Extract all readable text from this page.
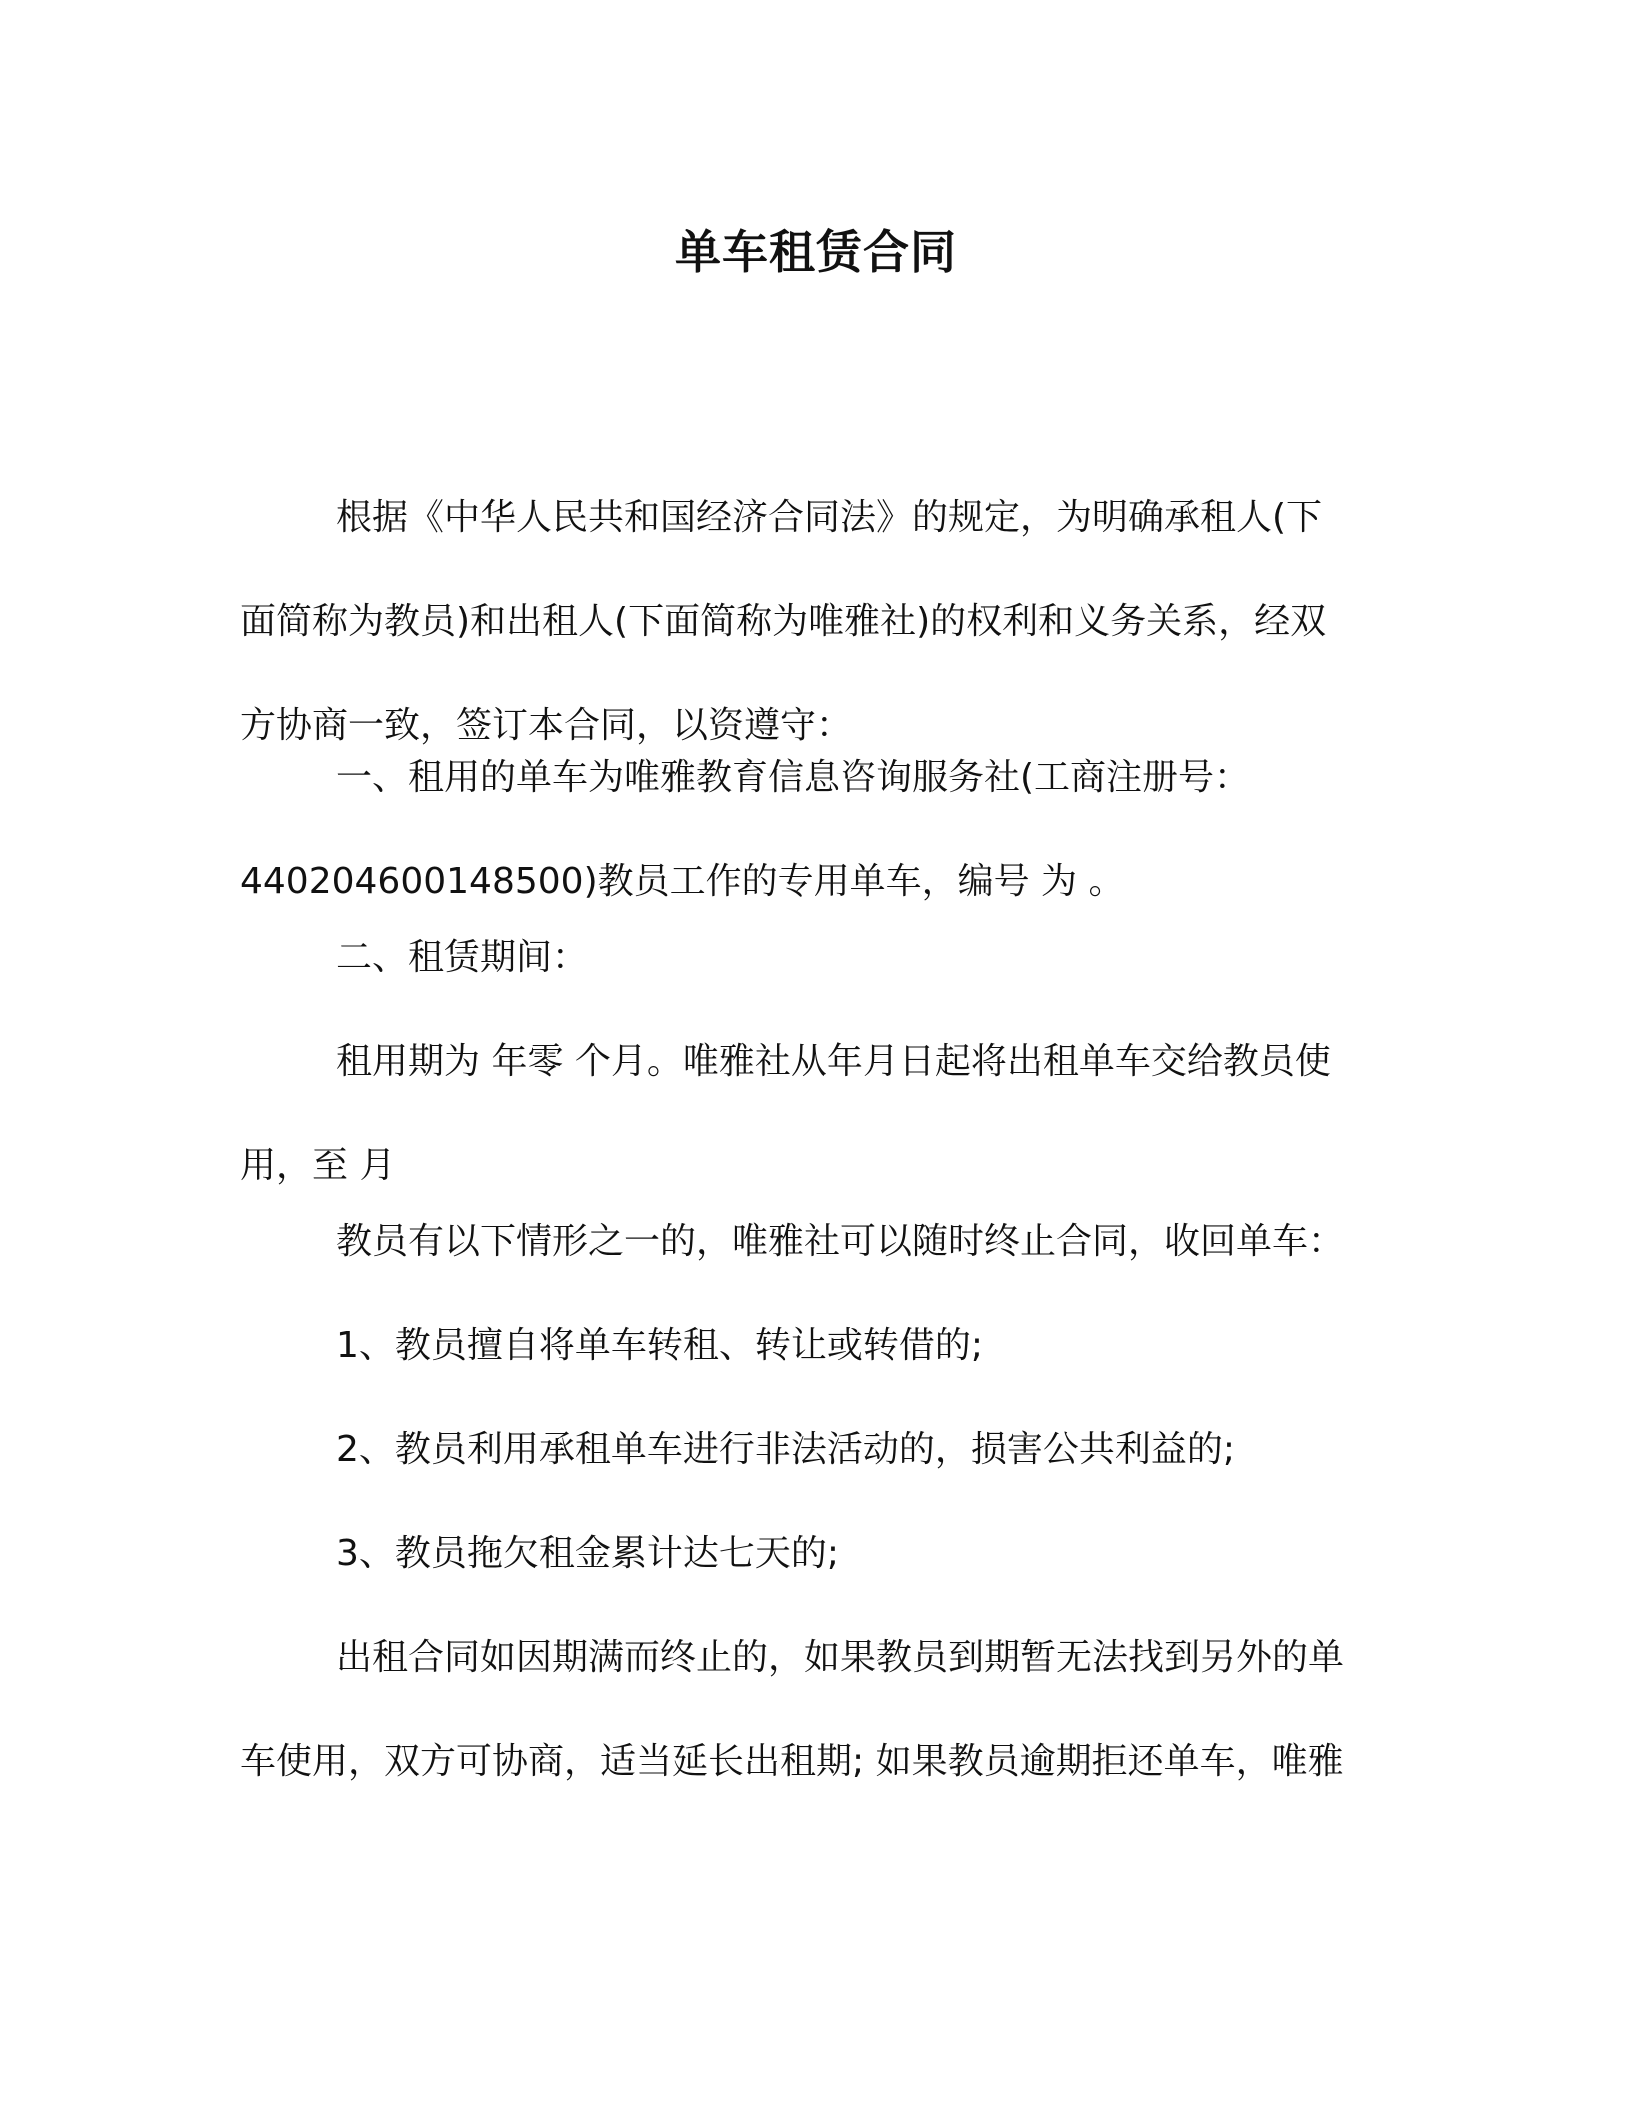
单车租赁合同
根据《中华人民共和国经济合同法》的规定，为明确承租人(下
面简称为教员)和出租人(下面简称为唯雅社)的权利和义务关系，经双
方协商一致，签订本合同，以资遵守：
一、租用的单车为唯雅教育信息咨询服务社(工商注册号：
440204600148500)教员工作的专用单车，编号 为 。
二、租赁期间：
租用期为 年零 个月。唯雅社从年月日起将出租单车交给教员使
用，至 月
教员有以下情形之一的，唯雅社可以随时终止合同，收回单车：
1、教员擅自将单车转租、转让或转借的;
2、教员利用承租单车进行非法活动的，损害公共利益的;
3、教员拖欠租金累计达七天的;
出租合同如因期满而终止的，如果教员到期暂无法找到另外的单
车使用，双方可协商，适当延长出租期; 如果教员逾期拒还单车，唯雅
